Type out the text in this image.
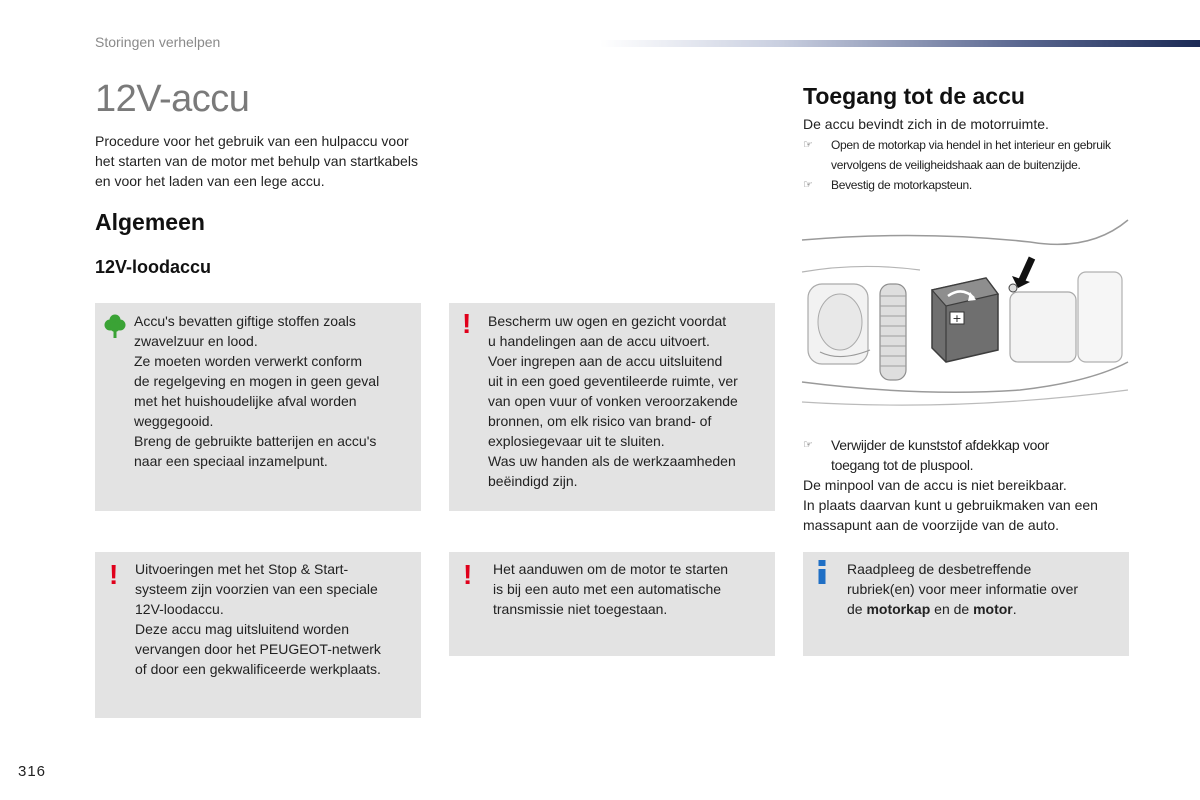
Storingen verhelpen
12V-accu
Procedure voor het gebruik van een hulpaccu voor het starten van de motor met behulp van startkabels en voor het laden van een lege accu.
Algemeen
12V-loodaccu

Accu's bevatten giftige stoffen zoals

zwavelzuur en lood.

Ze moeten worden verwerkt conform

de regelgeving en mogen in geen geval

met het huishoudelijke afval worden

weggegooid.

Breng de gebruikte batterijen en accu's

naar een speciaal inzamelpunt.

! Bescherm uw ogen en gezicht voordat

u handelingen aan de accu uitvoert.

Voer ingrepen aan de accu uitsluitend

uit in een goed geventileerde ruimte, ver

van open vuur of vonken veroorzakende

bronnen, om elk risico van brand- of

explosiegevaar uit te sluiten.

Was uw handen als de werkzaamheden

beëindigd zijn.

! Uitvoeringen met het Stop & Start-

systeem zijn voorzien van een speciale

12V-loodaccu.

Deze accu mag uitsluitend worden

vervangen door het PEUGEOT-netwerk

of door een gekwalificeerde werkplaats.

! Het aanduwen om de motor te starten

is bij een auto met een automatische

transmissie niet toegestaan.

Raadpleeg de desbetreffende

rubriek(en) voor meer informatie over

de motorkap en de motor.

Toegang tot de accu
De accu bevindt zich in de motorruimte.
☞ Open de motorkap via hendel in het interieur en gebruik
vervolgens de veiligheidshaak aan de buitenzijde.
☞ Bevestig de motorkapsteun.
+
☞ Verwijder de kunststof afdekkap voor
toegang tot de pluspool.
De minpool van de accu is niet bereikbaar.
In plaats daarvan kunt u gebruikmaken van een
massapunt aan de voorzijde van de auto.
316
